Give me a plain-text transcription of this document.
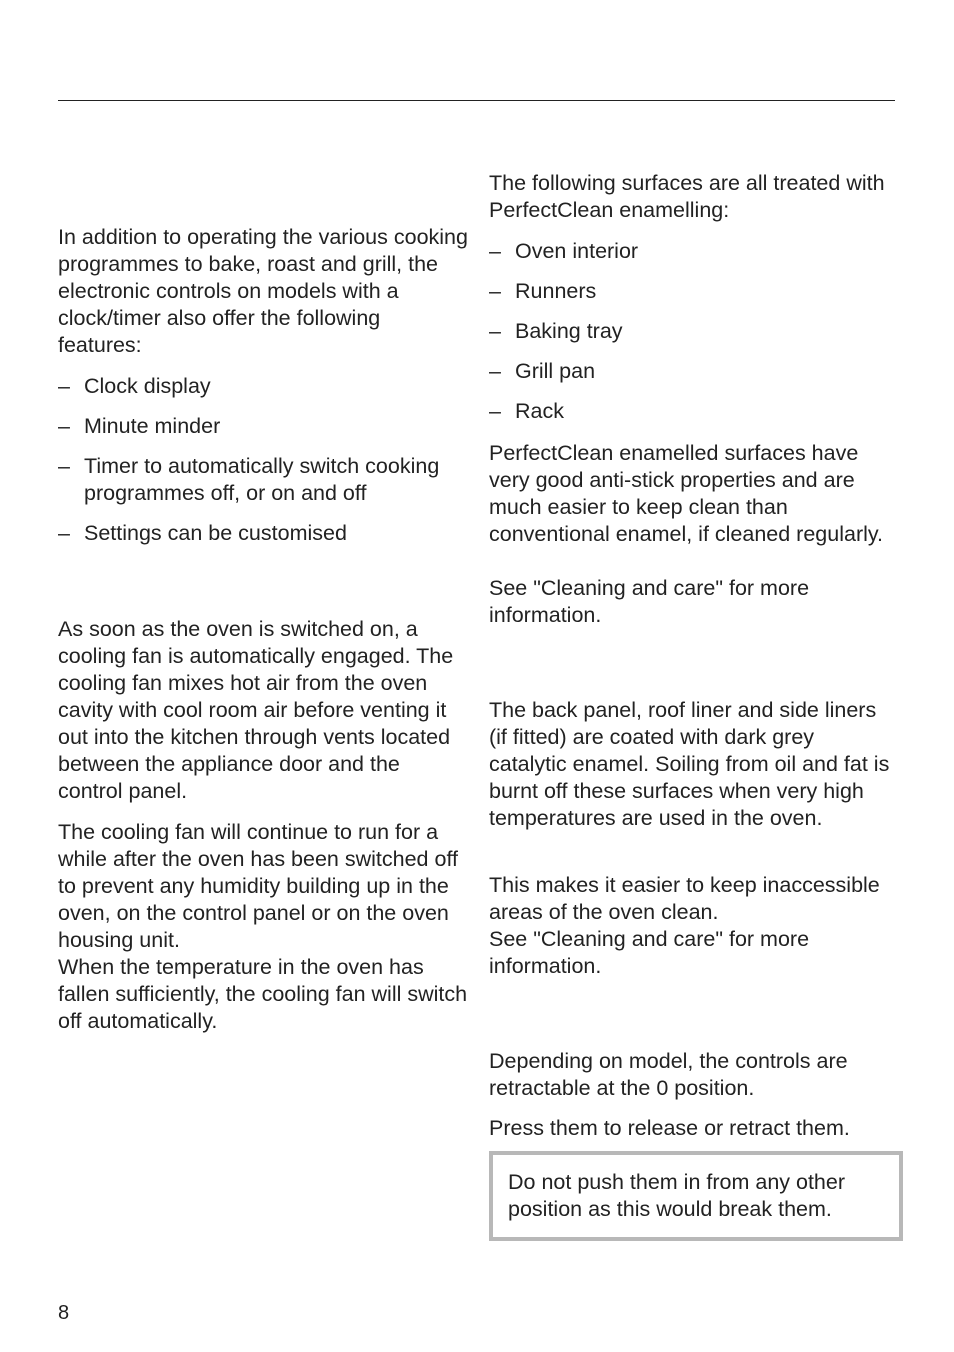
In addition to operating the various cooking programmes to bake, roast and grill, the electronic controls on models with a clock/timer also offer the following features:

– Clock display
– Minute minder
– Timer to automatically switch cooking programmes off, or on and off
– Settings can be customised

As soon as the oven is switched on, a cooling fan is automatically engaged. The cooling fan mixes hot air from the oven cavity with cool room air before venting it out into the kitchen through vents located between the appliance door and the control panel.

The cooling fan will continue to run for a while after the oven has been switched off to prevent any humidity building up in the oven, on the control panel or on the oven housing unit.

When the temperature in the oven has fallen sufficiently, the cooling fan will switch off automatically.

The following surfaces are all treated with PerfectClean enamelling:

– Oven interior
– Runners
– Baking tray
– Grill pan
– Rack

PerfectClean enamelled surfaces have very good anti-stick properties and are much easier to keep clean than conventional enamel, if cleaned regularly.

See "Cleaning and care" for more information.

The back panel, roof liner and side liners (if fitted) are coated with dark grey catalytic enamel. Soiling from oil and fat is burnt off these surfaces when very high temperatures are used in the oven.

This makes it easier to keep inaccessible areas of the oven clean.

See "Cleaning and care" for more information.

Depending on model, the controls are retractable at the 0 position.

Press them to release or retract them.

Do not push them in from any other position as this would break them.

8
